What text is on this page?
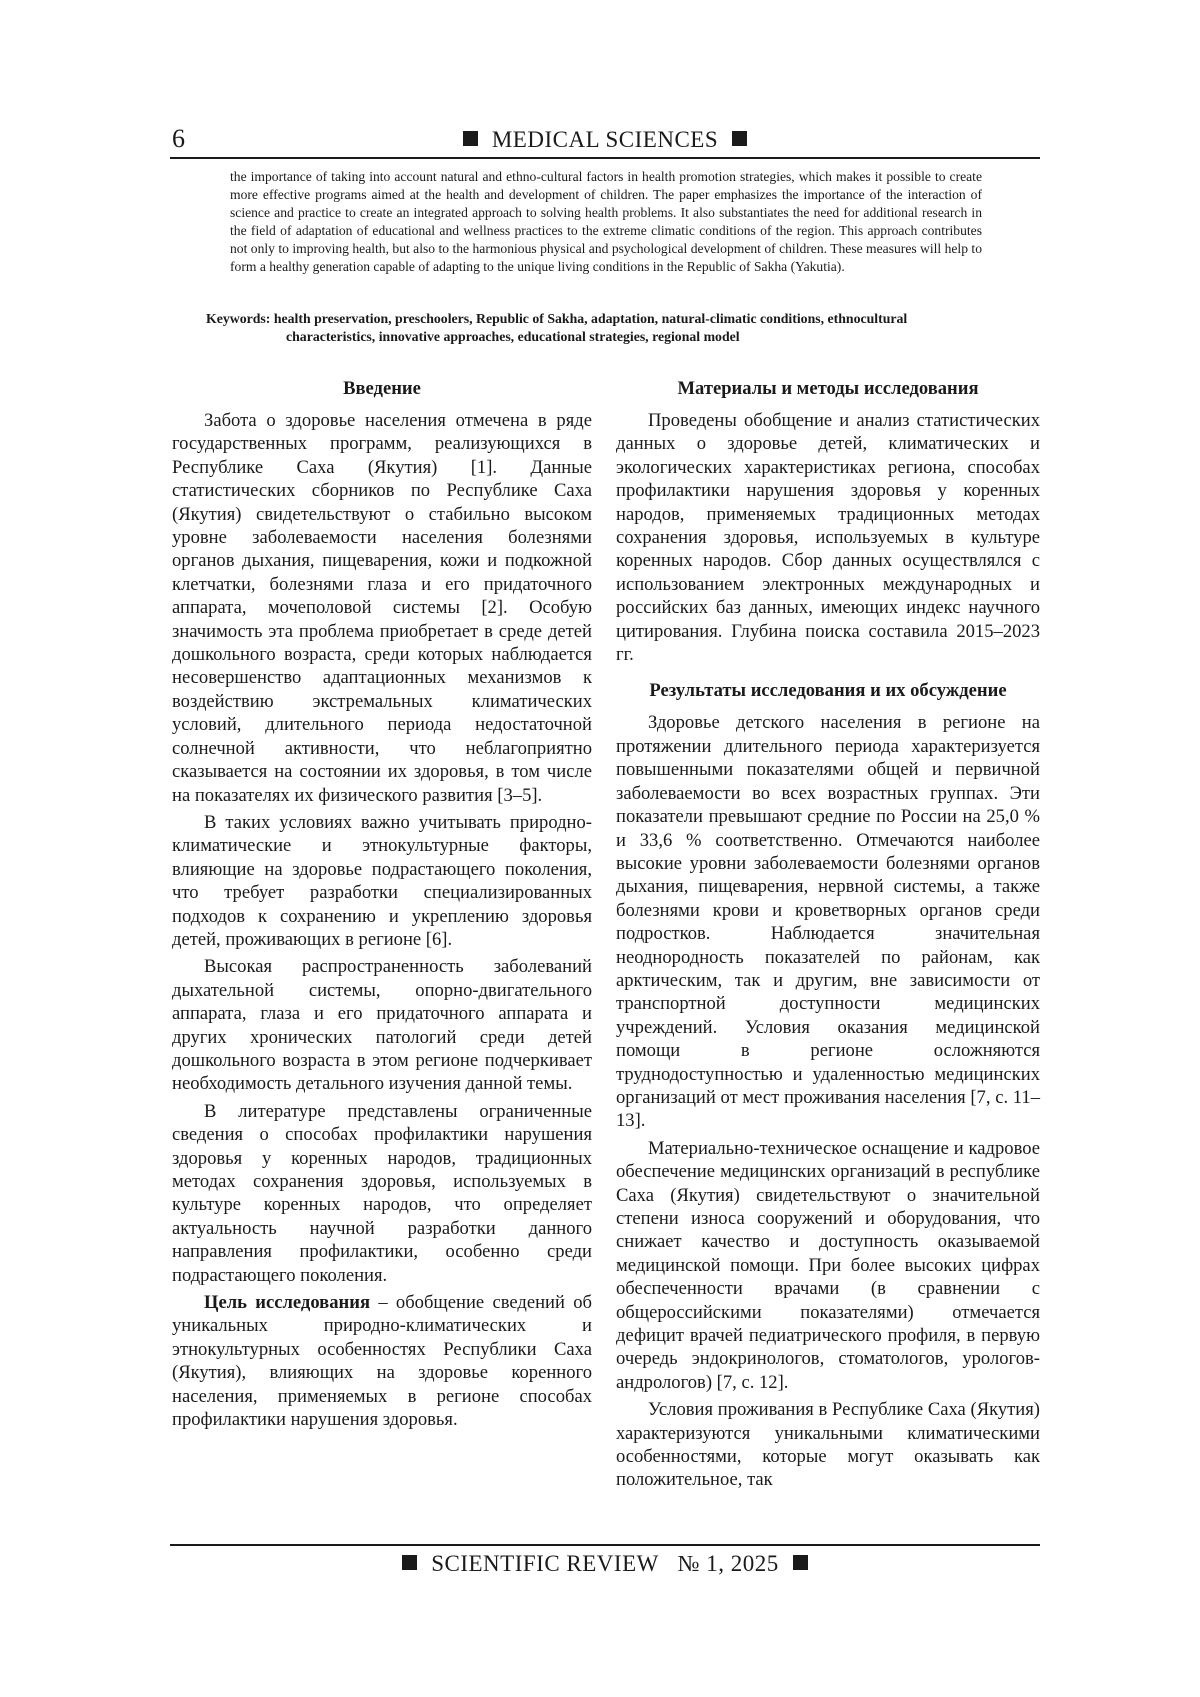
6	MEDICAL SCIENCES
the importance of taking into account natural and ethno-cultural factors in health promotion strategies, which makes it possible to create more effective programs aimed at the health and development of children. The paper emphasizes the importance of the interaction of science and practice to create an integrated approach to solving health problems. It also substantiates the need for additional research in the field of adaptation of educational and wellness practices to the extreme climatic conditions of the region. This approach contributes not only to improving health, but also to the harmonious physical and psychological development of children. These measures will help to form a healthy generation capable of adapting to the unique living conditions in the Republic of Sakha (Yakutia).
Keywords: health preservation, preschoolers, Republic of Sakha, adaptation, natural-climatic conditions, ethnocultural
characteristics, innovative approaches, educational strategies, regional model
Введение

Забота о здоровье населения отмечена в ряде государственных программ, реализующихся в Республике Саха (Якутия) [1]. Данные статистических сборников по Республике Саха (Якутия) свидетельствуют о стабильно высоком уровне заболеваемости населения болезнями органов дыхания, пищеварения, кожи и подкожной клетчатки, болезнями глаза и его придаточного аппарата, мочеполовой системы [2]. Особую значимость эта проблема приобретает в среде детей дошкольного возраста, среди которых наблюдается несовершенство адаптационных механизмов к воздействию экстремальных климатических условий, длительного периода недостаточной солнечной активности, что неблагоприятно сказывается на состоянии их здоровья, в том числе на показателях их физического развития [3–5].

В таких условиях важно учитывать природно-климатические и этнокультурные факторы, влияющие на здоровье подрастающего поколения, что требует разработки специализированных подходов к сохранению и укреплению здоровья детей, проживающих в регионе [6].

Высокая распространенность заболеваний дыхательной системы, опорно-двигательного аппарата, глаза и его придаточного аппарата и других хронических патологий среди детей дошкольного возраста в этом регионе подчеркивает необходимость детального изучения данной темы.

В литературе представлены ограниченные сведения о способах профилактики нарушения здоровья у коренных народов, традиционных методах сохранения здоровья, используемых в культуре коренных народов, что определяет актуальность научной разработки данного направления профилактики, особенно среди подрастающего поколения.

Цель исследования – обобщение сведений об уникальных природно-климатических и этнокультурных особенностях Республики Саха (Якутия), влияющих на здоровье коренного населения, применяемых в регионе способах профилактики нарушения здоровья.

Материалы и методы исследования

Проведены обобщение и анализ статистических данных о здоровье детей, климатических и экологических характеристиках региона, способах профилактики нарушения здоровья у коренных народов, применяемых традиционных методах сохранения здоровья, используемых в культуре коренных народов. Сбор данных осуществлялся с использованием электронных международных и российских баз данных, имеющих индекс научного цитирования. Глубина поиска составила 2015–2023 гг.

Результаты исследования и их обсуждение

Здоровье детского населения в регионе на протяжении длительного периода характеризуется повышенными показателями общей и первичной заболеваемости во всех возрастных группах. Эти показатели превышают средние по России на 25,0 % и 33,6 % соответственно. Отмечаются наиболее высокие уровни заболеваемости болезнями органов дыхания, пищеварения, нервной системы, а также болезнями крови и кроветворных органов среди подростков. Наблюдается значительная неоднородность показателей по районам, как арктическим, так и другим, вне зависимости от транспортной доступности медицинских учреждений. Условия оказания медицинской помощи в регионе осложняются труднодоступностью и удаленностью медицинских организаций от мест проживания населения [7, с. 11–13].

Материально-техническое оснащение и кадровое обеспечение медицинских организаций в республике Саха (Якутия) свидетельствуют о значительной степени износа сооружений и оборудования, что снижает качество и доступность оказываемой медицинской помощи. При более высоких цифрах обеспеченности врачами (в сравнении с общероссийскими показателями) отмечается дефицит врачей педиатрического профиля, в первую очередь эндокринологов, стоматологов, урологов-андрологов) [7, с. 12].

Условия проживания в Республике Саха (Якутия) характеризуются уникальными климатическими особенностями, которые могут оказывать как положительное, так

SCIENTIFIC REVIEW № 1, 2025
